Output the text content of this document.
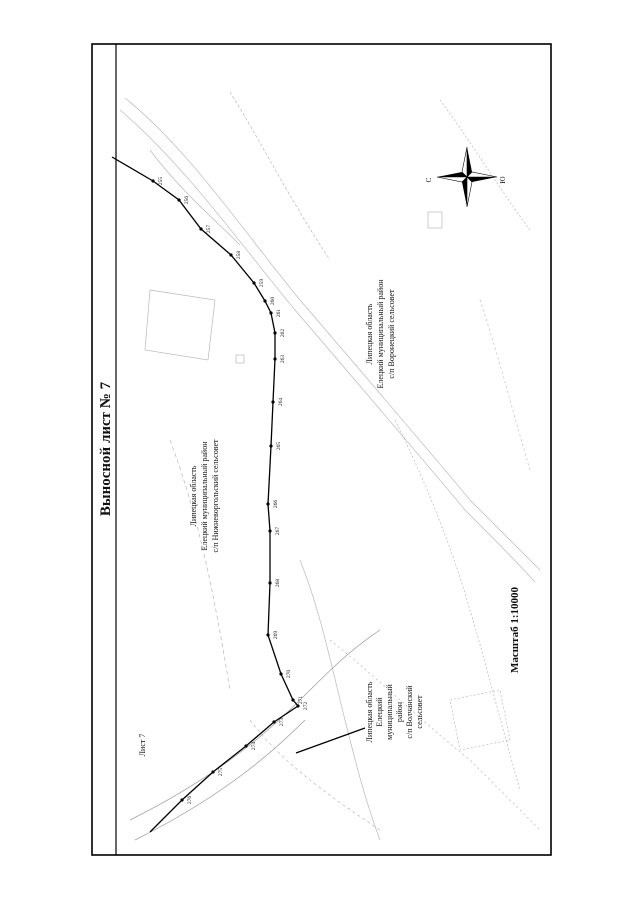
255
256
257
258
259
260
261
262
263
264
265
266
267
268
269
270
271
272
273
274
275
276
Выносной лист № 7
Лист 7
Липецкая область Елецкий муниципальный район с/п Нижневоргольский сельсовет
Липецкая область Елецкий муниципальный район с/п Воронецкий сельсовет
Липецкая область Елецкий муниципальный район с/п Волчанский сельсовет
Масштаб 1:10000
С	Ю
